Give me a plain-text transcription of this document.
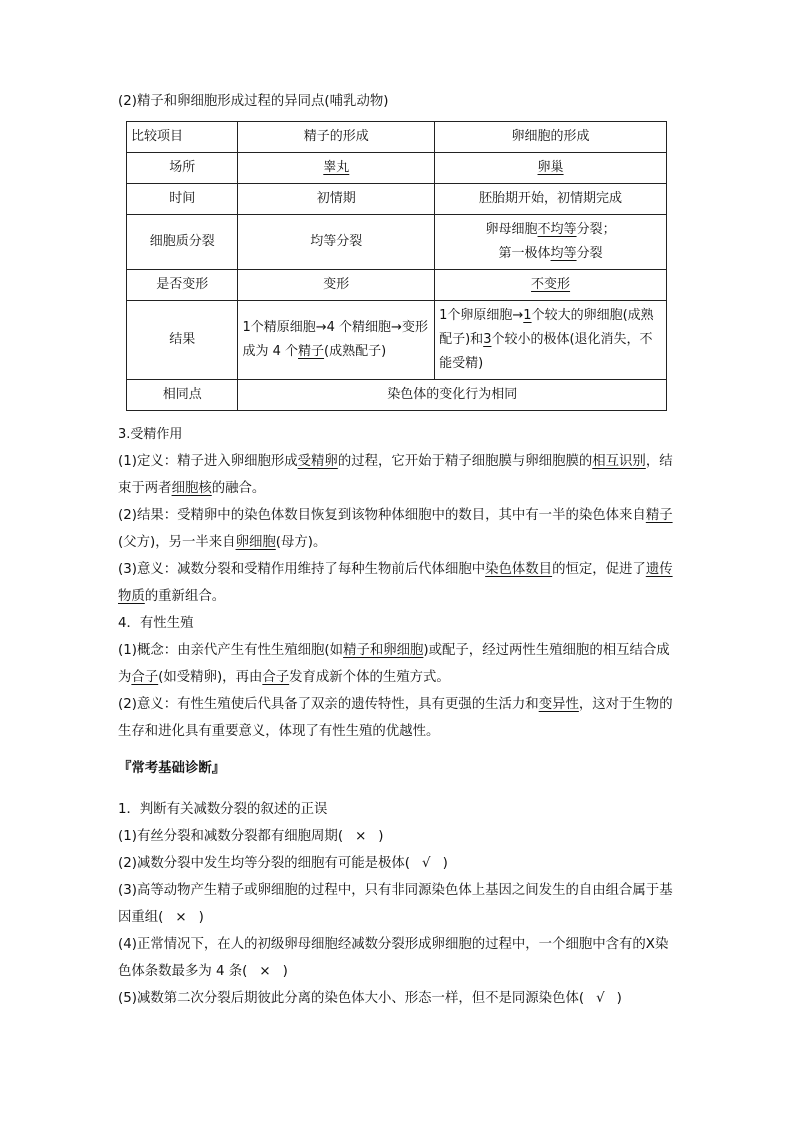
(2)精子和卵细胞形成过程的异同点(哺乳动物)

比较项目	精子的形成	卵细胞的形成
场所	睾丸	卵巢
时间	初情期	胚胎期开始，初情期完成
细胞质分裂	均等分裂	卵母细胞不均等分裂；
第一极体均等分裂
是否变形	变形	不变形
结果	1个精原细胞→4 个精细胞→变形成为 4 个精子(成熟配子)	1个卵原细胞→1个较大的卵细胞(成熟配子)和3个较小的极体(退化消失，不能受精)
相同点	染色体的变化行为相同	

3.受精作用

(1)定义：精子进入卵细胞形成受精卵的过程，它开始于精子细胞膜与卵细胞膜的相互识别，结束于两者细胞核的融合。

(2)结果：受精卵中的染色体数目恢复到该物种体细胞中的数目，其中有一半的染色体来自精子(父方)，另一半来自卵细胞(母方)。

(3)意义：减数分裂和受精作用维持了每种生物前后代体细胞中染色体数目的恒定，促进了遗传物质的重新组合。

4．有性生殖

(1)概念：由亲代产生有性生殖细胞(如精子和卵细胞)或配子，经过两性生殖细胞的相互结合成为合子(如受精卵)，再由合子发育成新个体的生殖方式。

(2)意义：有性生殖使后代具备了双亲的遗传特性，具有更强的生活力和变异性，这对于生物的生存和进化具有重要意义，体现了有性生殖的优越性。

『常考基础诊断』

1．判断有关减数分裂的叙述的正误

(1)有丝分裂和减数分裂都有细胞周期( × )

(2)减数分裂中发生均等分裂的细胞有可能是极体( √ )

(3)高等动物产生精子或卵细胞的过程中，只有非同源染色体上基因之间发生的自由组合属于基因重组( × )

(4)正常情况下，在人的初级卵母细胞经减数分裂形成卵细胞的过程中，一个细胞中含有的X染色体条数最多为 4 条( × )

(5)减数第二次分裂后期彼此分离的染色体大小、形态一样，但不是同源染色体( √ )
